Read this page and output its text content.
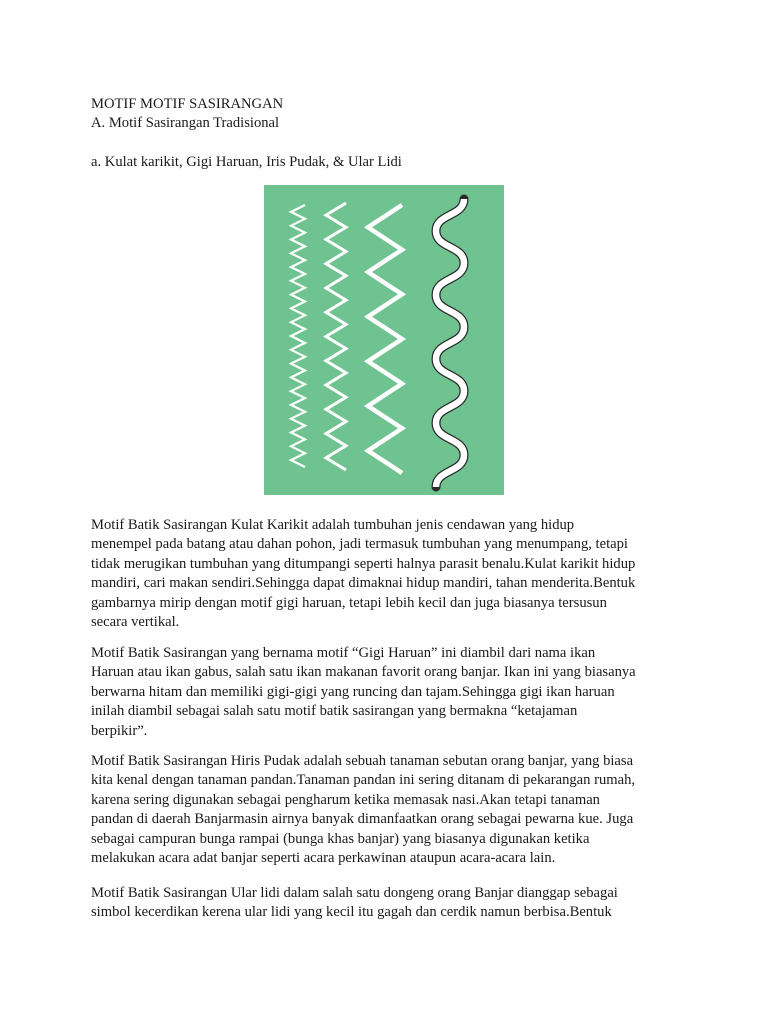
MOTIF MOTIF SASIRANGAN
A. Motif Sasirangan Tradisional
a. Kulat karikit, Gigi Haruan, Iris Pudak, & Ular Lidi

Motif Batik Sasirangan Kulat Karikit adalah tumbuhan jenis cendawan yang hidup

menempel pada batang atau dahan pohon, jadi termasuk tumbuhan yang menumpang, tetapi

tidak merugikan tumbuhan yang ditumpangi seperti halnya parasit benalu.Kulat karikit hidup

mandiri, cari makan sendiri.Sehingga dapat dimaknai hidup mandiri, tahan menderita.Bentuk

gambarnya mirip dengan motif gigi haruan, tetapi lebih kecil dan juga biasanya tersusun

secara vertikal.

Motif Batik Sasirangan yang bernama motif “Gigi Haruan” ini diambil dari nama ikan

Haruan atau ikan gabus, salah satu ikan makanan favorit orang banjar. Ikan ini yang biasanya

berwarna hitam dan memiliki gigi-gigi yang runcing dan tajam.Sehingga gigi ikan haruan

inilah diambil sebagai salah satu motif batik sasirangan yang bermakna “ketajaman

berpikir”.

Motif Batik Sasirangan Hiris Pudak adalah sebuah tanaman sebutan orang banjar, yang biasa

kita kenal dengan tanaman pandan.Tanaman pandan ini sering ditanam di pekarangan rumah,

karena sering digunakan sebagai pengharum ketika memasak nasi.Akan tetapi tanaman

pandan di daerah Banjarmasin airnya banyak dimanfaatkan orang sebagai pewarna kue. Juga

sebagai campuran bunga rampai (bunga khas banjar) yang biasanya digunakan ketika

melakukan acara adat banjar seperti acara perkawinan ataupun acara-acara lain.

Motif Batik Sasirangan Ular lidi dalam salah satu dongeng orang Banjar dianggap sebagai

simbol kecerdikan kerena ular lidi yang kecil itu gagah dan cerdik namun berbisa.Bentuk
